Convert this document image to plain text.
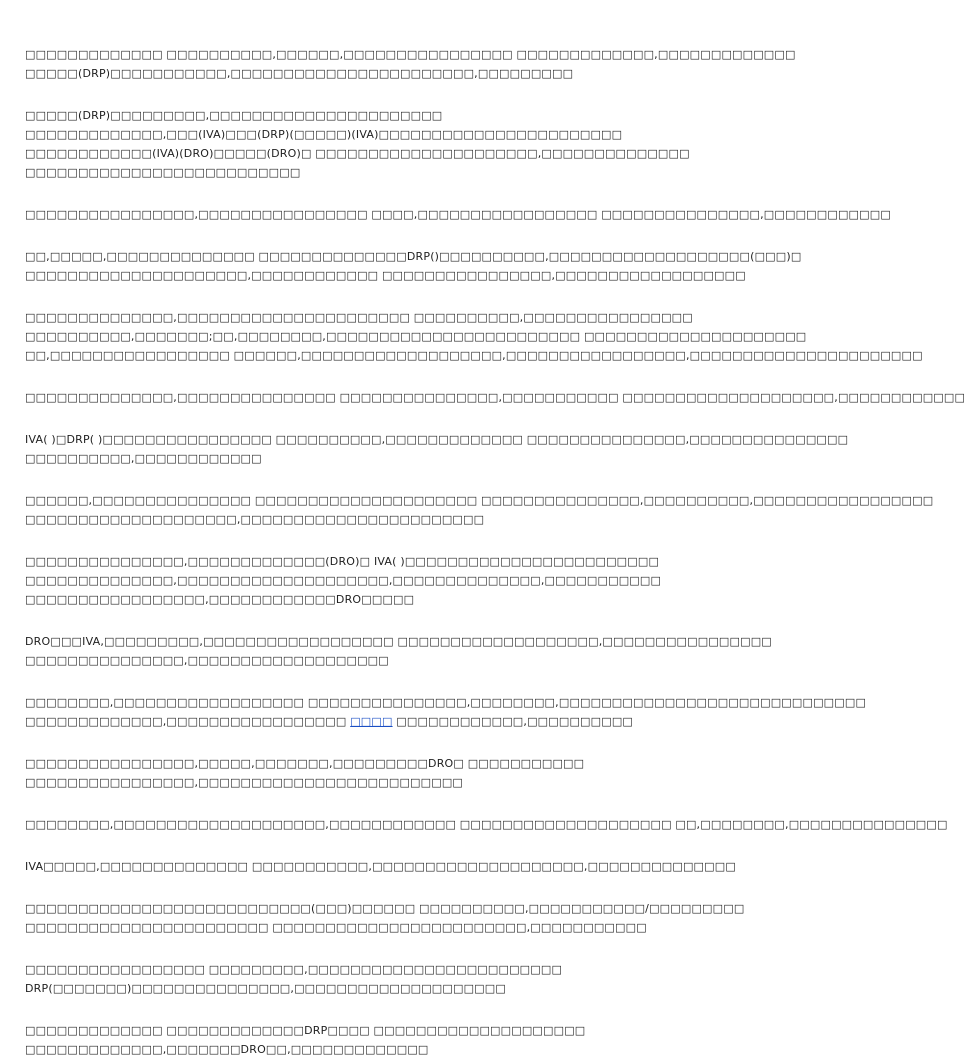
□□□□□□□□□□□□□ □□□□□□□□□□,□□□□□□,□□□□□□□□□□□□□□□□ □□□□□□□□□□□□□,□□□□□□□□□□□□□
□□□□□(DRP)□□□□□□□□□□□,□□□□□□□□□□□□□□□□□□□□□□□,□□□□□□□□□
□□□□□(DRP)□□□□□□□□□,□□□□□□□□□□□□□□□□□□□□□□
□□□□□□□□□□□□□,□□□(IVA)□□□(DRP)(□□□□□)(IVA)□□□□□□□□□□□□□□□□□□□□□□□
□□□□□□□□□□□□(IVA)(DRO)□□□□□(DRO)□ □□□□□□□□□□□□□□□□□□□□□,□□□□□□□□□□□□□□
□□□□□□□□□□□□□□□□□□□□□□□□□□
□□□□□□□□□□□□□□□□,□□□□□□□□□□□□□□□□ □□□□,□□□□□□□□□□□□□□□□□ □□□□□□□□□□□□□□□,□□□□□□□□□□□□
□□,□□□□□,□□□□□□□□□□□□□□ □□□□□□□□□□□□□□DRP()□□□□□□□□□□,□□□□□□□□□□□□□□□□□□□(□□□)□
□□□□□□□□□□□□□□□□□□□□□,□□□□□□□□□□□□ □□□□□□□□□□□□□□□□,□□□□□□□□□□□□□□□□□□
□□□□□□□□□□□□□□,□□□□□□□□□□□□□□□□□□□□□□ □□□□□□□□□□,□□□□□□□□□□□□□□□□
□□□□□□□□□□,□□□□□□□;□□,□□□□□□□□,□□□□□□□□□□□□□□□□□□□□□□□□ □□□□□□□□□□□□□□□□□□□□□
□□,□□□□□□□□□□□□□□□□□ □□□□□□,□□□□□□□□□□□□□□□□□□□,□□□□□□□□□□□□□□□□□,□□□□□□□□□□□□□□□□□□□□□□
□□□□□□□□□□□□□□,□□□□□□□□□□□□□□□ □□□□□□□□□□□□□□□,□□□□□□□□□□□ □□□□□□□□□□□□□□□□□□□□,□□□□□□□□□□□□
IVA( )□DRP( )□□□□□□□□□□□□□□□□ □□□□□□□□□□,□□□□□□□□□□□□□ □□□□□□□□□□□□□□□,□□□□□□□□□□□□□□□
□□□□□□□□□□,□□□□□□□□□□□□
□□□□□□,□□□□□□□□□□□□□□□ □□□□□□□□□□□□□□□□□□□□□ □□□□□□□□□□□□□□□,□□□□□□□□□□,□□□□□□□□□□□□□□□□□
□□□□□□□□□□□□□□□□□□□□,□□□□□□□□□□□□□□□□□□□□□□□
□□□□□□□□□□□□□□□,□□□□□□□□□□□□□(DRO)□ IVA( )□□□□□□□□□□□□□□□□□□□□□□□□
□□□□□□□□□□□□□□,□□□□□□□□□□□□□□□□□□□□,□□□□□□□□□□□□□□,□□□□□□□□□□□
□□□□□□□□□□□□□□□□□,□□□□□□□□□□□□DRO□□□□□
DRO□□□IVA,□□□□□□□□□,□□□□□□□□□□□□□□□□□□ □□□□□□□□□□□□□□□□□□□,□□□□□□□□□□□□□□□□
□□□□□□□□□□□□□□□,□□□□□□□□□□□□□□□□□□□
□□□□□□□□,□□□□□□□□□□□□□□□□□□ □□□□□□□□□□□□□□□,□□□□□□□□,□□□□□□□□□□□□□□□□□□□□□□□□□□□□□
□□□□□□□□□□□□□,□□□□□□□□□□□□□□□□□ □□□□ □□□□□□□□□□□□,□□□□□□□□□□
□□□□□□□□□□□□□□□□,□□□□□,□□□□□□□,□□□□□□□□□DRO□ □□□□□□□□□□□
□□□□□□□□□□□□□□□□,□□□□□□□□□□□□□□□□□□□□□□□□□
□□□□□□□□,□□□□□□□□□□□□□□□□□□□□,□□□□□□□□□□□□ □□□□□□□□□□□□□□□□□□□□ □□,□□□□□□□□,□□□□□□□□□□□□□□□
IVA□□□□□,□□□□□□□□□□□□□□ □□□□□□□□□□□,□□□□□□□□□□□□□□□□□□□□,□□□□□□□□□□□□□□
□□□□□□□□□□□□□□□□□□□□□□□□□□□(□□□)□□□□□□ □□□□□□□□□□,□□□□□□□□□□□/□□□□□□□□□
□□□□□□□□□□□□□□□□□□□□□□□ □□□□□□□□□□□□□□□□□□□□□□□□,□□□□□□□□□□□
□□□□□□□□□□□□□□□□□ □□□□□□□□□,□□□□□□□□□□□□□□□□□□□□□□□□
DRP(□□□□□□□)□□□□□□□□□□□□□□□,□□□□□□□□□□□□□□□□□□□□
□□□□□□□□□□□□□ □□□□□□□□□□□□□DRP□□□□ □□□□□□□□□□□□□□□□□□□□
□□□□□□□□□□□□□,□□□□□□□DRO□□,□□□□□□□□□□□□□
